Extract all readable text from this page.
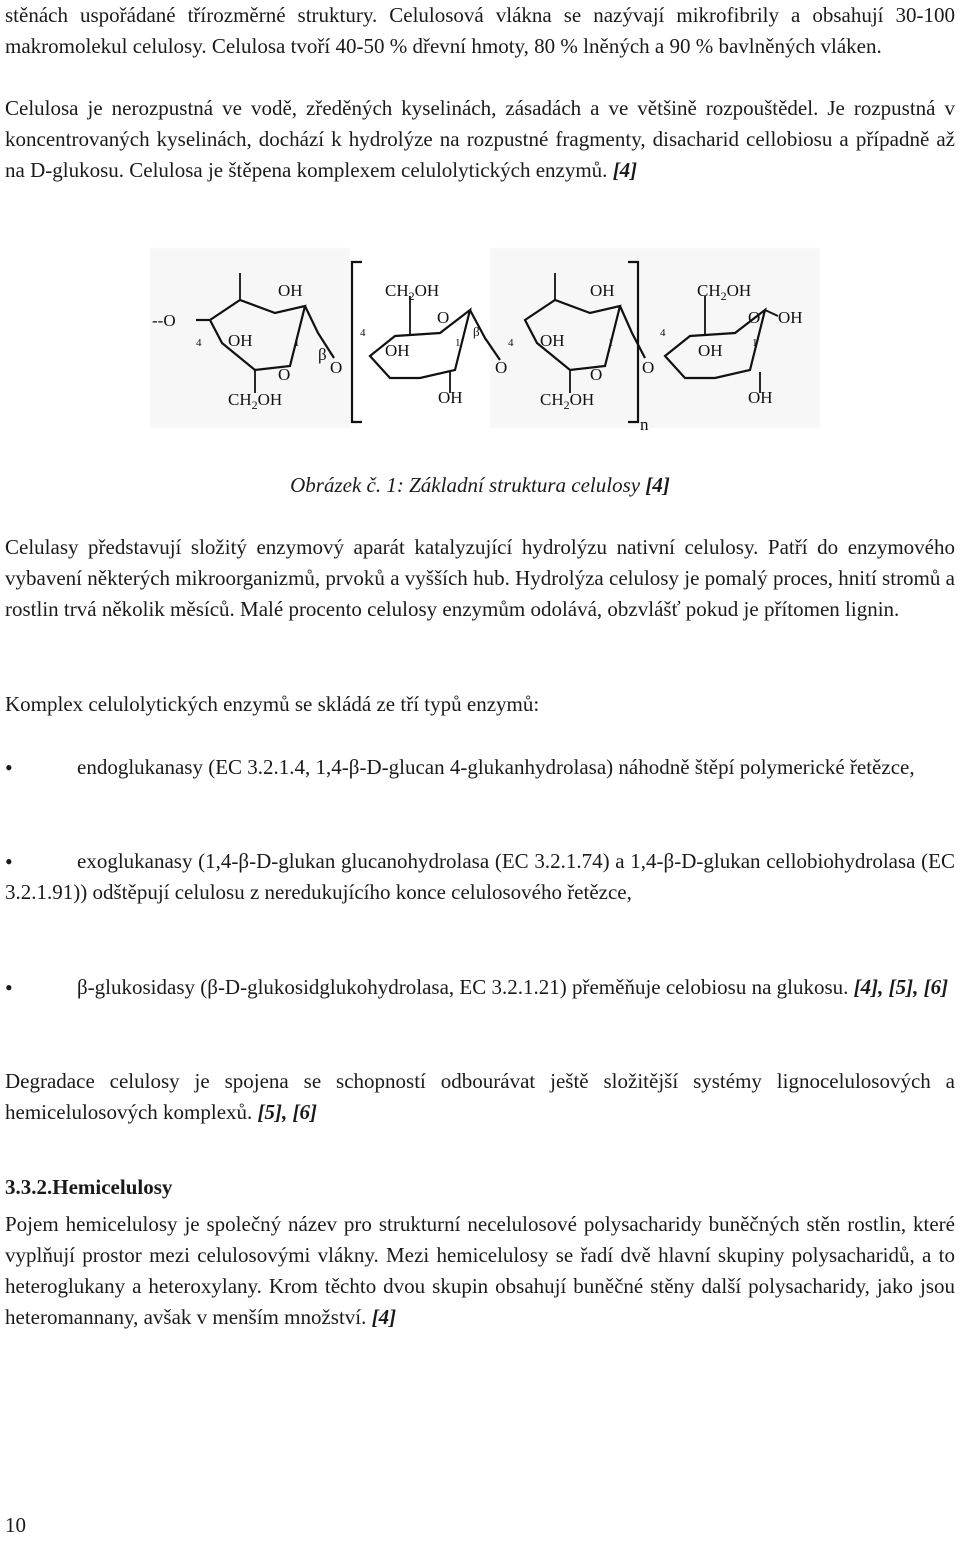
stěnách uspořádané třírozměrné struktury. Celulosová vlákna se nazývají mikrofibrily a obsahují 30-100 makromolekul celulosy. Celulosa tvoří 40-50 % dřevní hmoty, 80 % lněných a 90 % bavlněných vláken.

Celulosa je nerozpustná ve vodě, zředěných kyselinách, zásadách a ve většině rozpouštědel. Je rozpustná v koncentrovaných kyselinách, dochází k hydrolýze na rozpustné fragmenty, disacharid cellobiosu a případně až na D-glukosu. Celulosa je štěpena komplexem celulolytických enzymů. [4]

--O
OH
OH
O
$CH_2OH$
β
O
4	1
$CH_2OH$
O
OH
OH
β
O
4
1
OH
OH
O
$CH_2OH$
O
4	1
n
$CH_2OH$
O OH
OH
OH
4
1
Obrázek č. 1: Základní struktura celulosy [4]

Celulasy představují složitý enzymový aparát katalyzující hydrolýzu nativní celulosy. Patří do enzymového vybavení některých mikroorganizmů, prvoků a vyšších hub. Hydrolýza celulosy je pomalý proces, hnití stromů a rostlin trvá několik měsíců. Malé procento celulosy enzymům odolává, obzvlášť pokud je přítomen lignin.

Komplex celulolytických enzymů se skládá ze tří typů enzymů:

•	endoglukanasy (EC 3.2.1.4, 1,4-β-D-glucan 4-glukanhydrolasa) náhodně štěpí polymerické řetězce,
•	exoglukanasy (1,4-β-D-glukan glucanohydrolasa (EC 3.2.1.74) a 1,4-β-D-glukan cellobiohydrolasa (EC 3.2.1.91)) odštěpují celulosu z neredukujícího konce celulosového řetězce,
•	β-glukosidasy (β-D-glukosidglukohydrolasa, EC 3.2.1.21) přeměňuje celobiosu na glukosu. [4], [5], [6]

Degradace celulosy je spojena se schopností odbourávat ještě složitější systémy lignocelulosových a hemicelulosových komplexů. [5], [6]

3.3.2.Hemicelulosy

Pojem hemicelulosy je společný název pro strukturní necelulosové polysacharidy buněčných stěn rostlin, které vyplňují prostor mezi celulosovými vlákny. Mezi hemicelulosy se řadí dvě hlavní skupiny polysacharidů, a to heteroglukany a heteroxylany. Krom těchto dvou skupin obsahují buněčné stěny další polysacharidy, jako jsou heteromannany, avšak v menším množství. [4]

10
